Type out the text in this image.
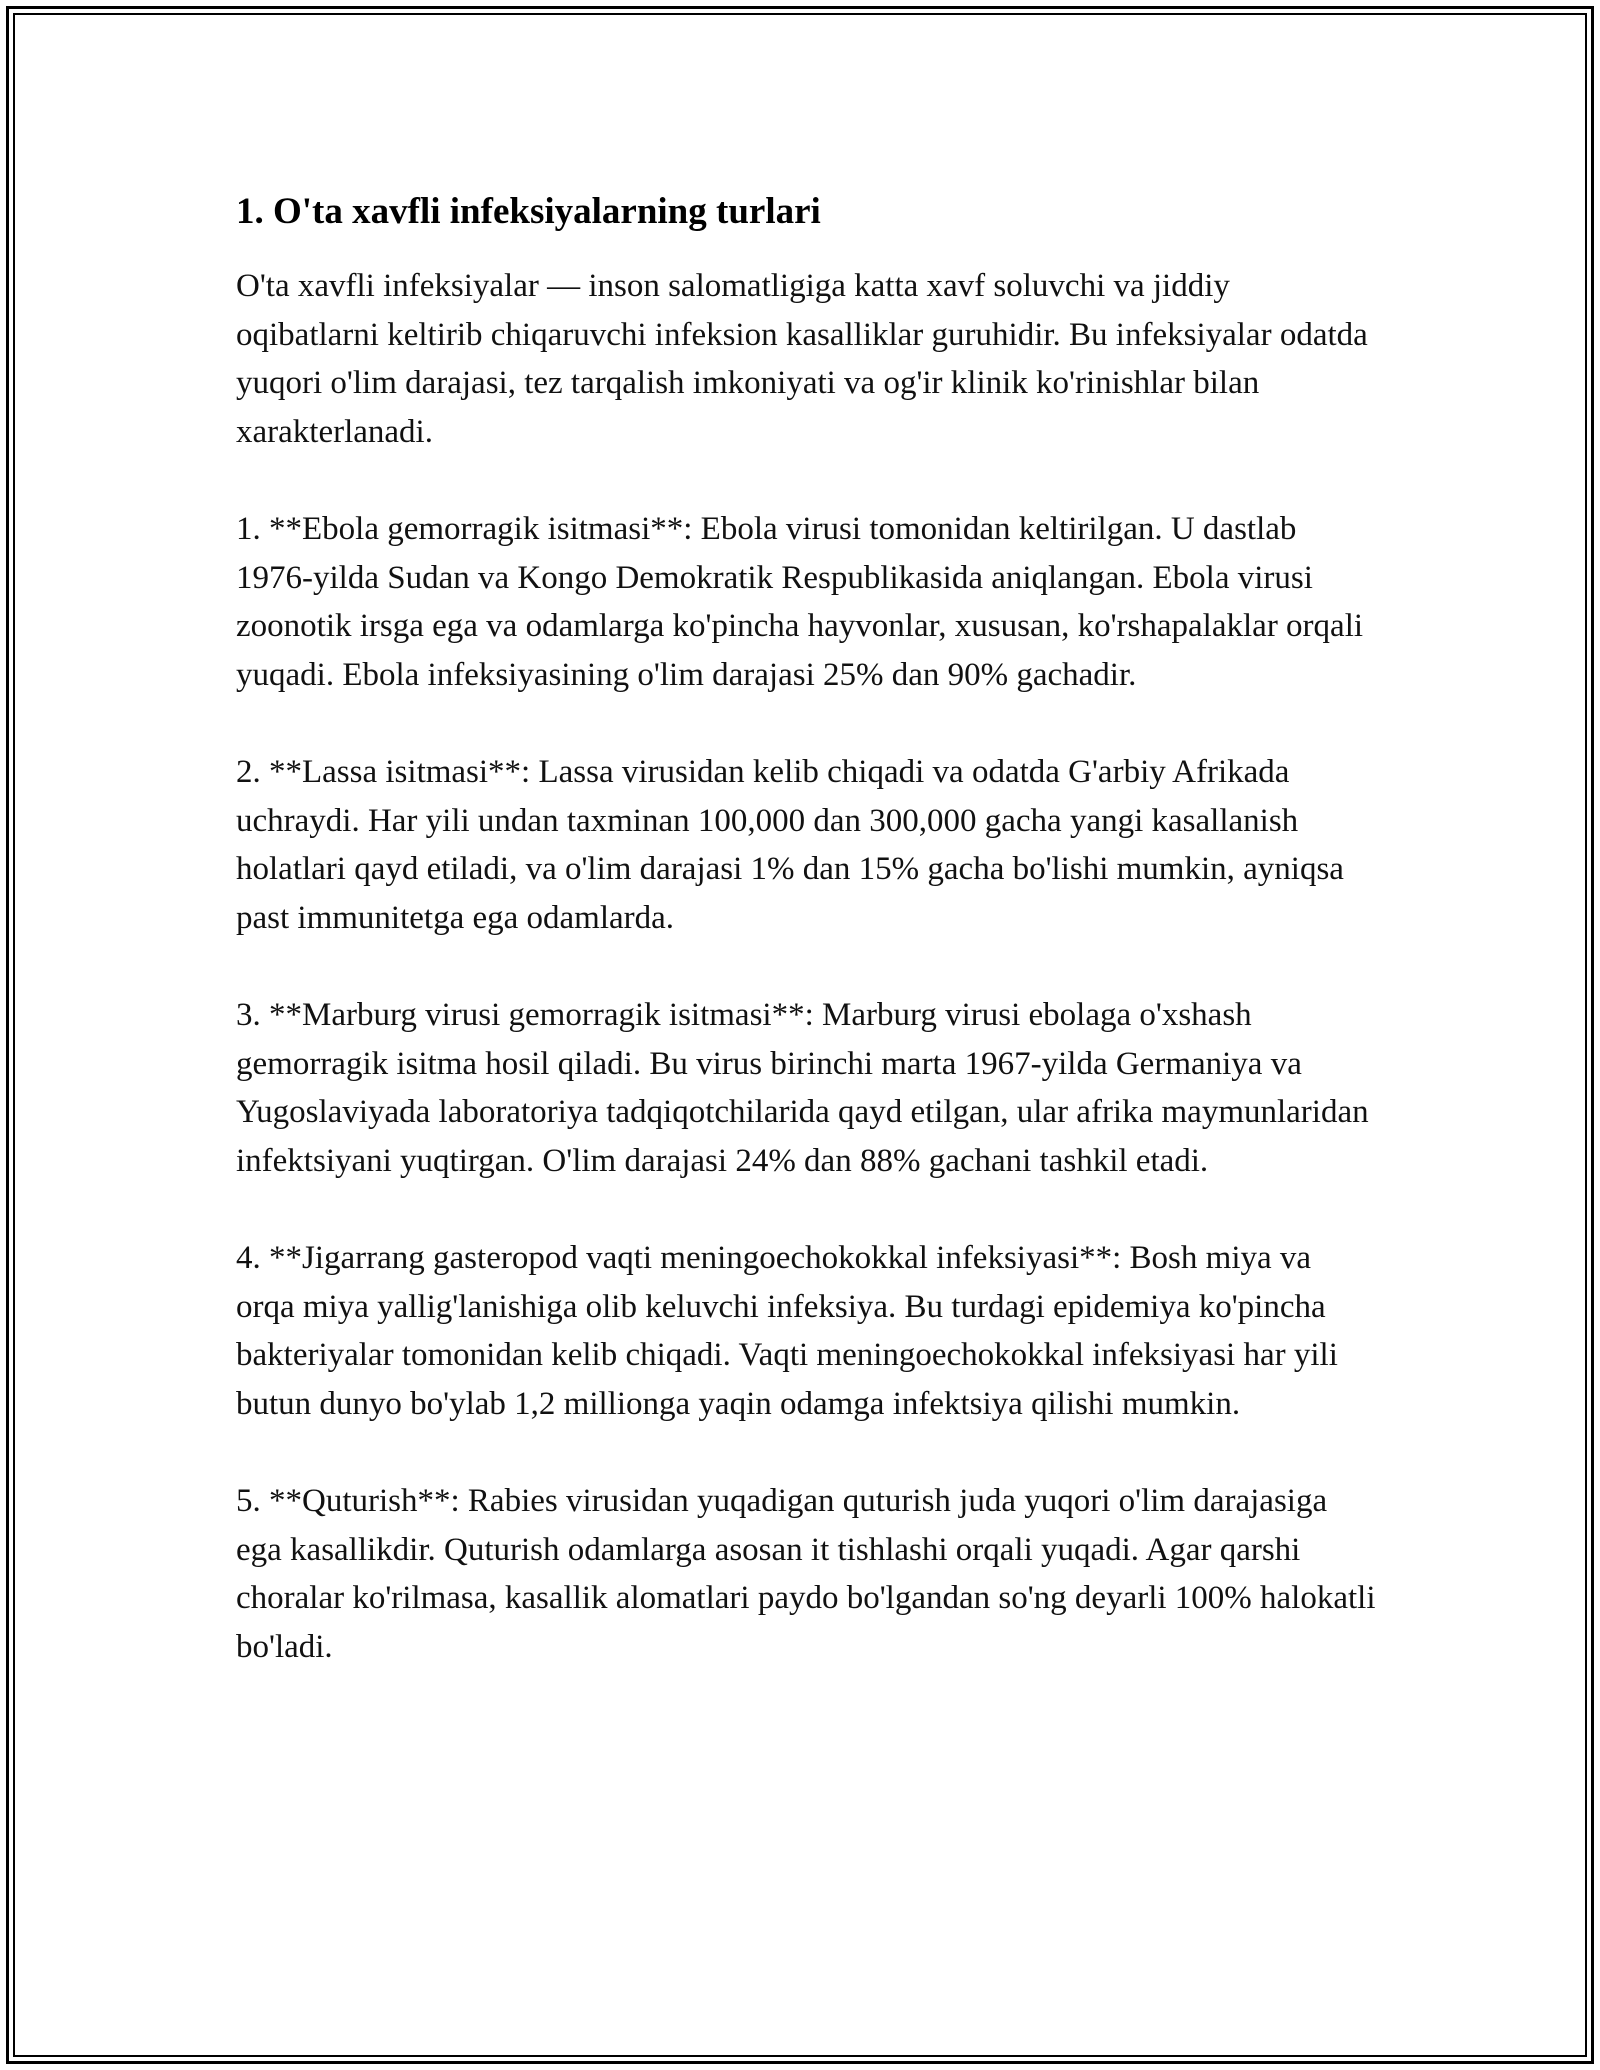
1. O'ta xavfli infeksiyalarning turlari

O'ta xavfli infeksiyalar — inson salomatligiga katta xavf soluvchi va jiddiy oqibatlarni keltirib chiqaruvchi infeksion kasalliklar guruhidir. Bu infeksiyalar odatda yuqori o'lim darajasi, tez tarqalish imkoniyati va og'ir klinik ko'rinishlar bilan xarakterlanadi.

1. **Ebola gemorragik isitmasi**: Ebola virusi tomonidan keltirilgan. U dastlab 1976-yilda Sudan va Kongo Demokratik Respublikasida aniqlangan. Ebola virusi zoonotik irsga ega va odamlarga ko'pincha hayvonlar, xususan, ko'rshapalaklar orqali yuqadi. Ebola infeksiyasining o'lim darajasi 25% dan 90% gachadir.

2. **Lassa isitmasi**: Lassa virusidan kelib chiqadi va odatda G'arbiy Afrikada uchraydi. Har yili undan taxminan 100,000 dan 300,000 gacha yangi kasallanish holatlari qayd etiladi, va o'lim darajasi 1% dan 15% gacha bo'lishi mumkin, ayniqsa past immunitetga ega odamlarda.

3. **Marburg virusi gemorragik isitmasi**: Marburg virusi ebolaga o'xshash gemorragik isitma hosil qiladi. Bu virus birinchi marta 1967-yilda Germaniya va Yugoslaviyada laboratoriya tadqiqotchilarida qayd etilgan, ular afrika maymunlaridan infektsiyani yuqtirgan. O'lim darajasi 24% dan 88% gachani tashkil etadi.

4. **Jigarrang gasteropod vaqti meningoechokokkal infeksiyasi**: Bosh miya va orqa miya yallig'lanishiga olib keluvchi infeksiya. Bu turdagi epidemiya ko'pincha bakteriyalar tomonidan kelib chiqadi. Vaqti meningoechokokkal infeksiyasi har yili butun dunyo bo'ylab 1,2 millionga yaqin odamga infektsiya qilishi mumkin.

5. **Quturish**: Rabies virusidan yuqadigan quturish juda yuqori o'lim darajasiga ega kasallikdir. Quturish odamlarga asosan it tishlashi orqali yuqadi. Agar qarshi choralar ko'rilmasa, kasallik alomatlari paydo bo'lgandan so'ng deyarli 100% halokatli bo'ladi.
